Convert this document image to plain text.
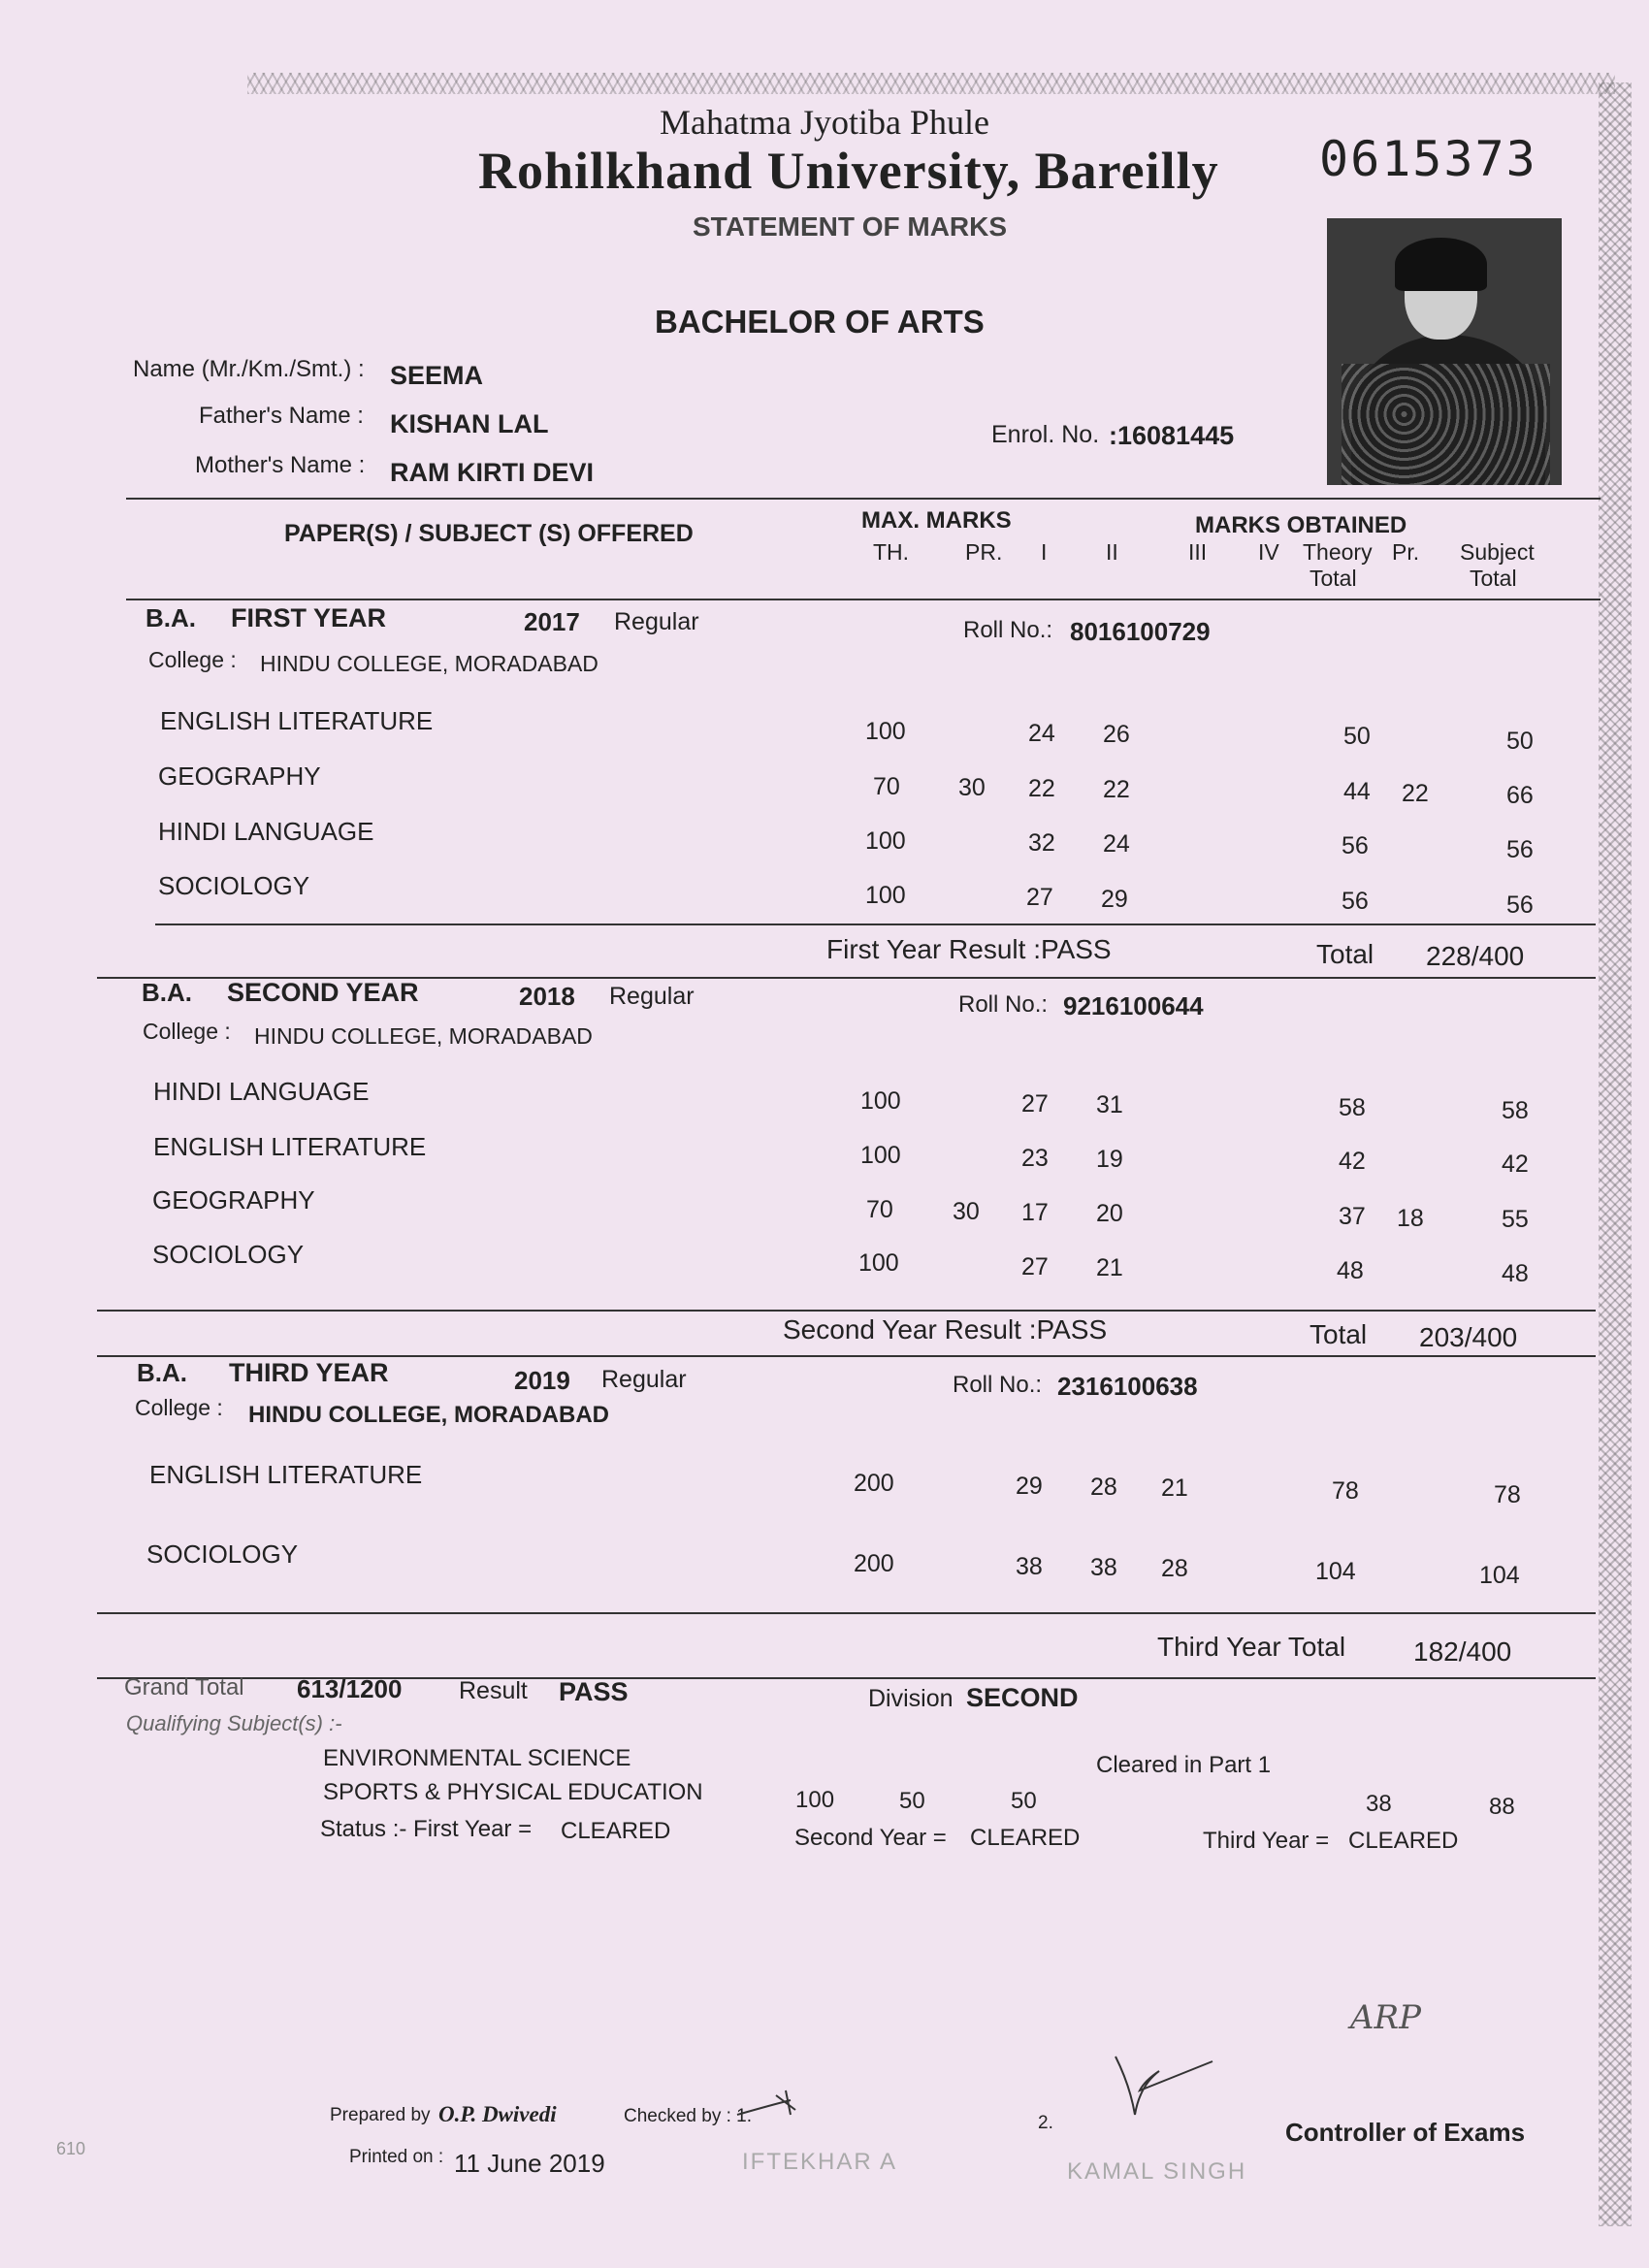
Mahatma Jyotiba Phule
Rohilkhand University, Bareilly
STATEMENT OF MARKS
0615373
BACHELOR OF ARTS
Name (Mr./Km./Smt.) : SEEMA
Father's Name : KISHAN LAL
Mother's Name : RAM KIRTI DEVI
Enrol. No. :16081445
PAPER(S) / SUBJECT (S) OFFERED	MAX. MARKS	MARKS OBTAINED
TH.	PR. I	II	III IV Theory
Total
Pr. Subject
Total
B.A. FIRST YEAR	2017 Regular	Roll No.: 8016100729
College : HINDU COLLEGE, MORADABAD
ENGLISH LITERATURE	100	24 26	50	50
GEOGRAPHY	70 30 22 22	44 22	66
HINDI LANGUAGE	100	32 24	56	56
SOCIOLOGY	100	27 29	56	56
First Year Result :PASS	Total 228/400
B.A. SECOND YEAR	2018 Regular	Roll No.: 9216100644
College : HINDU COLLEGE, MORADABAD
HINDI LANGUAGE	100	27 31	58	58
ENGLISH LITERATURE	100	23 19	42	42
GEOGRAPHY	70 30 17 20	37 18	55
SOCIOLOGY	100	27 21	48	48
Second Year Result :PASS	Total 203/400
B.A. THIRD YEAR	2019 Regular	Roll No.: 2316100638
College : HINDU COLLEGE, MORADABAD
ENGLISH LITERATURE	200	29 28 21	78	78
SOCIOLOGY	200	38 38 28	104	104
Third Year Total 182/400
Grand Total 613/1200 Result PASS	Division SECOND
Qualifying Subject(s) :-
ENVIRONMENTAL SCIENCE	Cleared in Part 1
SPORTS & PHYSICAL EDUCATION	100	50	50	38	88
Status :- First Year = CLEARED	Second Year = CLEARED	Third Year = CLEARED
610
Prepared by O.P. Dwivedi	Checked by : 1.	2.
Printed on : 11 June 2019
Controller of Exams
ARP
IFTEKHAR A	KAMAL SINGH
